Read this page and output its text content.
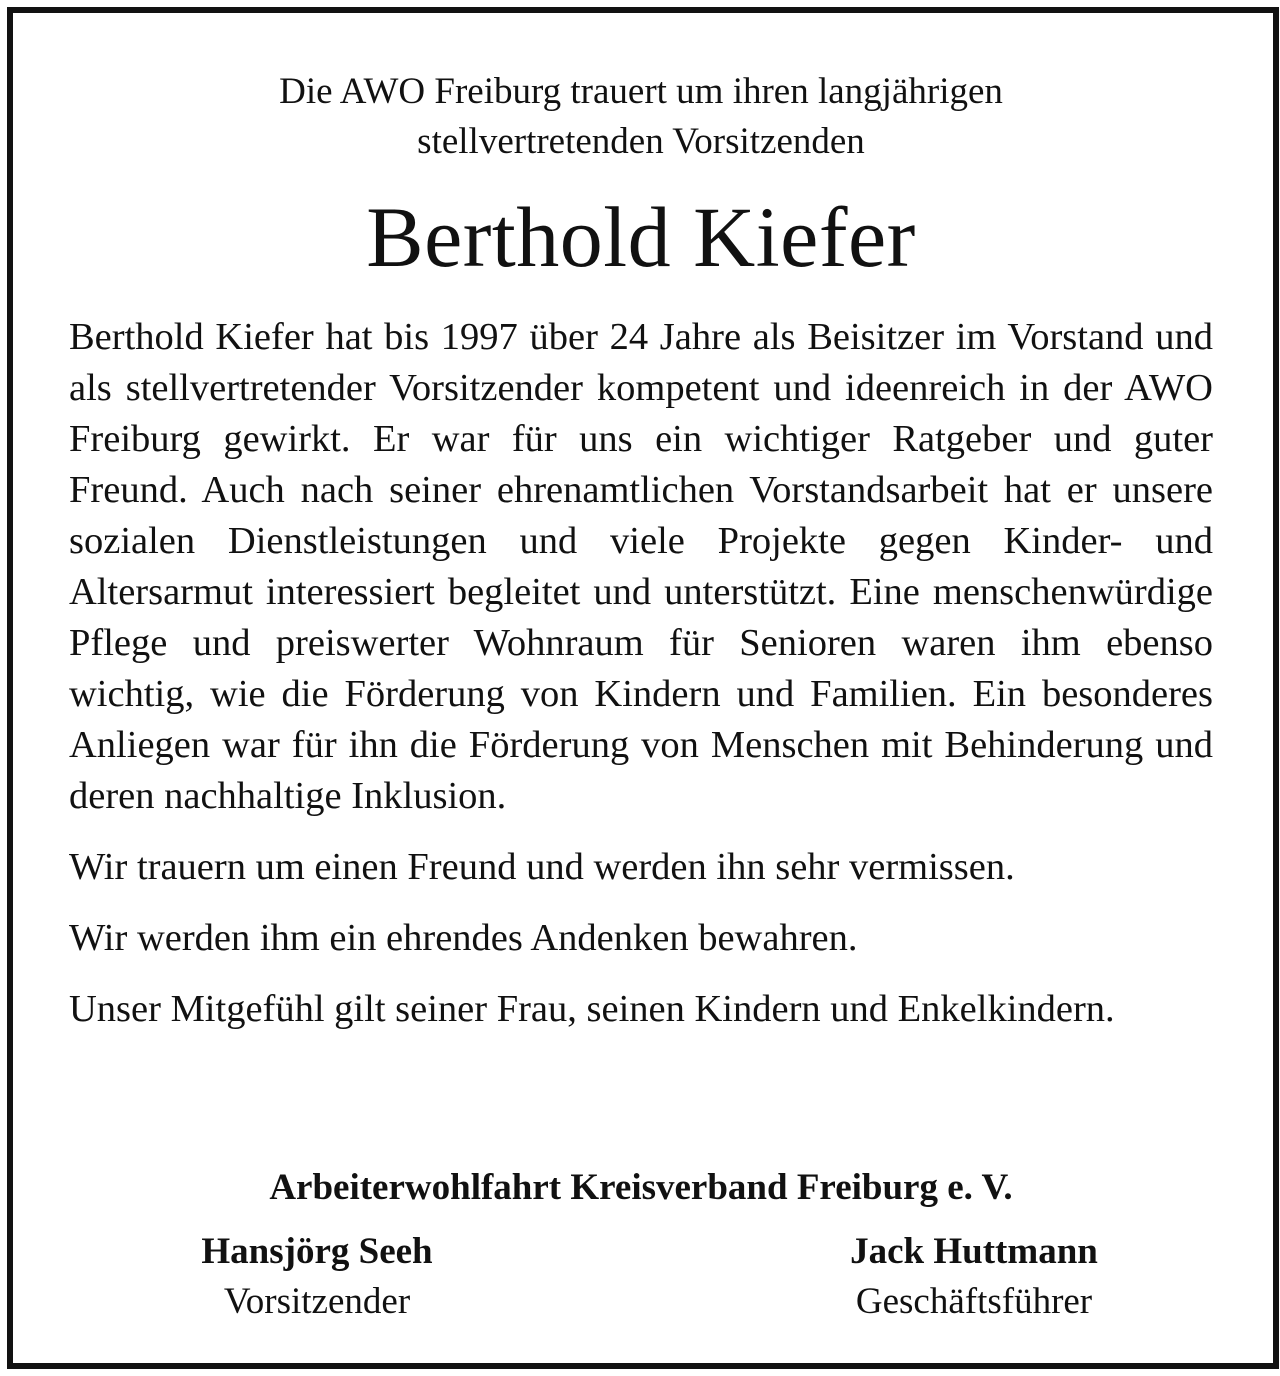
Die AWO Freiburg trauert um ihren langjährigen
stellvertretenden Vorsitzenden
Berthold Kiefer

Berthold Kiefer hat bis 1997 über 24 Jahre als Beisitzer im Vorstand und als stellvertretender Vorsitzender kompetent und ideenreich in der AWO Freiburg gewirkt. Er war für uns ein wichtiger Ratgeber und guter Freund. Auch nach seiner ehrenamtlichen Vorstandsarbeit hat er unsere sozialen Dienstleistungen und viele Projekte gegen Kinder- und Altersarmut interessiert begleitet und unterstützt. Eine menschenwürdige Pflege und preiswerter Wohnraum für Senioren waren ihm ebenso wichtig, wie die Förderung von Kindern und Familien. Ein besonderes Anliegen war für ihn die Förderung von Menschen mit Behinderung und deren nachhaltige Inklusion.

Wir trauern um einen Freund und werden ihn sehr vermissen.

Wir werden ihm ein ehrendes Andenken bewahren.

Unser Mitgefühl gilt seiner Frau, seinen Kindern und Enkelkindern.

Arbeiterwohlfahrt Kreisverband Freiburg e. V.
Hansjörg Seeh
Vorsitzender
Jack Huttmann
Geschäftsführer
